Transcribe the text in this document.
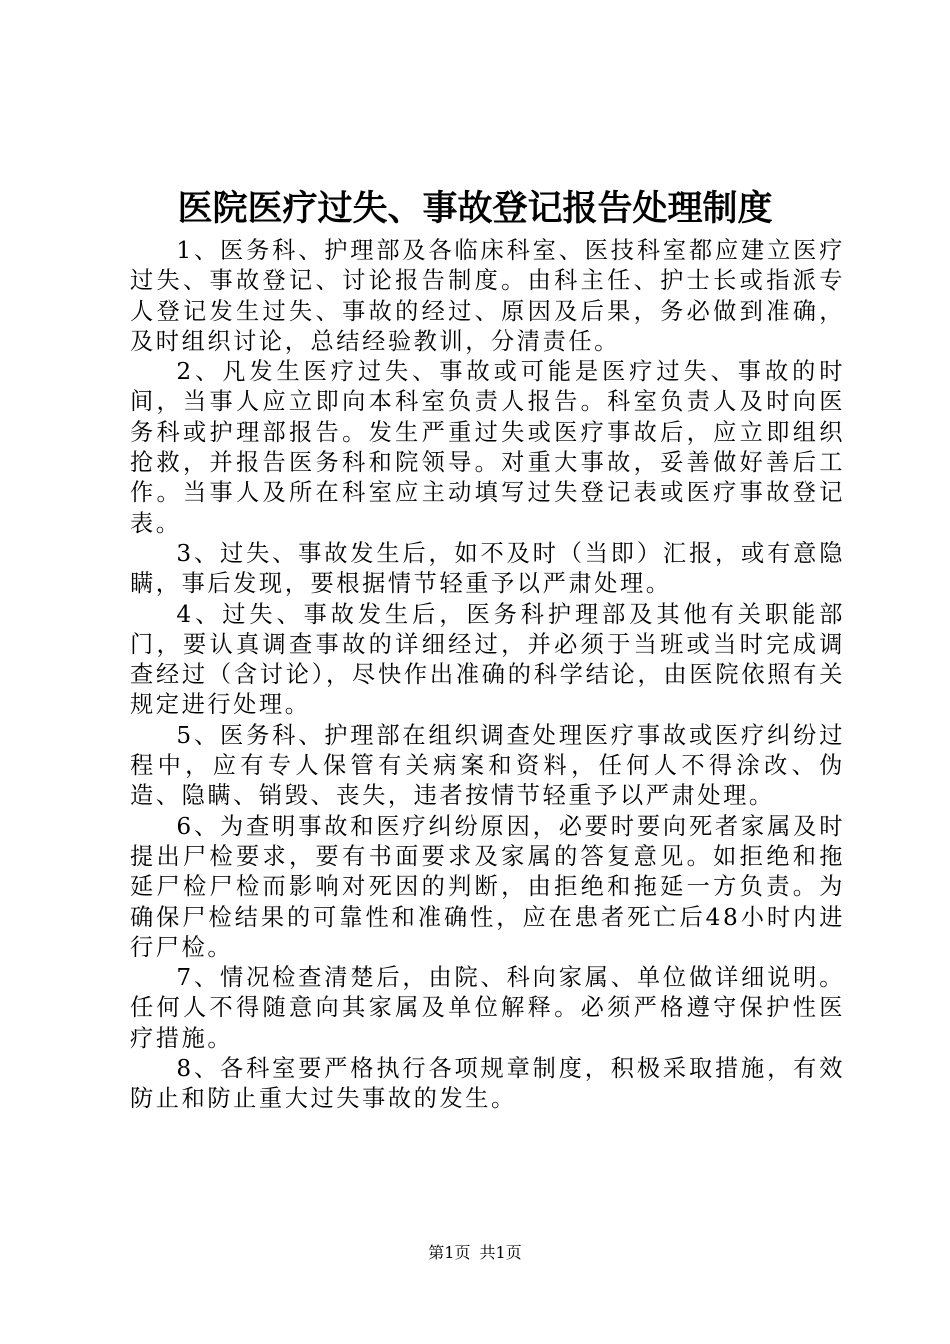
医院医疗过失、事故登记报告处理制度

1、医务科、护理部及各临床科室、医技科室都应建立医疗过失、事故登记、讨论报告制度。由科主任、护士长或指派专人登记发生过失、事故的经过、原因及后果，务必做到准确，及时组织讨论，总结经验教训，分清责任。

2、凡发生医疗过失、事故或可能是医疗过失、事故的时间，当事人应立即向本科室负责人报告。科室负责人及时向医务科或护理部报告。发生严重过失或医疗事故后，应立即组织抢救，并报告医务科和院领导。对重大事故，妥善做好善后工作。当事人及所在科室应主动填写过失登记表或医疗事故登记表。

3、过失、事故发生后，如不及时（当即）汇报，或有意隐瞒，事后发现，要根据情节轻重予以严肃处理。

4、过失、事故发生后，医务科护理部及其他有关职能部门，要认真调查事故的详细经过，并必须于当班或当时完成调查经过（含讨论），尽快作出准确的科学结论，由医院依照有关规定进行处理。

5、医务科、护理部在组织调查处理医疗事故或医疗纠纷过程中，应有专人保管有关病案和资料，任何人不得涂改、伪造、隐瞒、销毁、丧失，违者按情节轻重予以严肃处理。

6、为查明事故和医疗纠纷原因，必要时要向死者家属及时提出尸检要求，要有书面要求及家属的答复意见。如拒绝和拖延尸检尸检而影响对死因的判断，由拒绝和拖延一方负责。为确保尸检结果的可靠性和准确性，应在患者死亡后48小时内进行尸检。

7、情况检查清楚后，由院、科向家属、单位做详细说明。任何人不得随意向其家属及单位解释。必须严格遵守保护性医疗措施。

8、各科室要严格执行各项规章制度，积极采取措施，有效防止和防止重大过失事故的发生。

第1页 共1页
